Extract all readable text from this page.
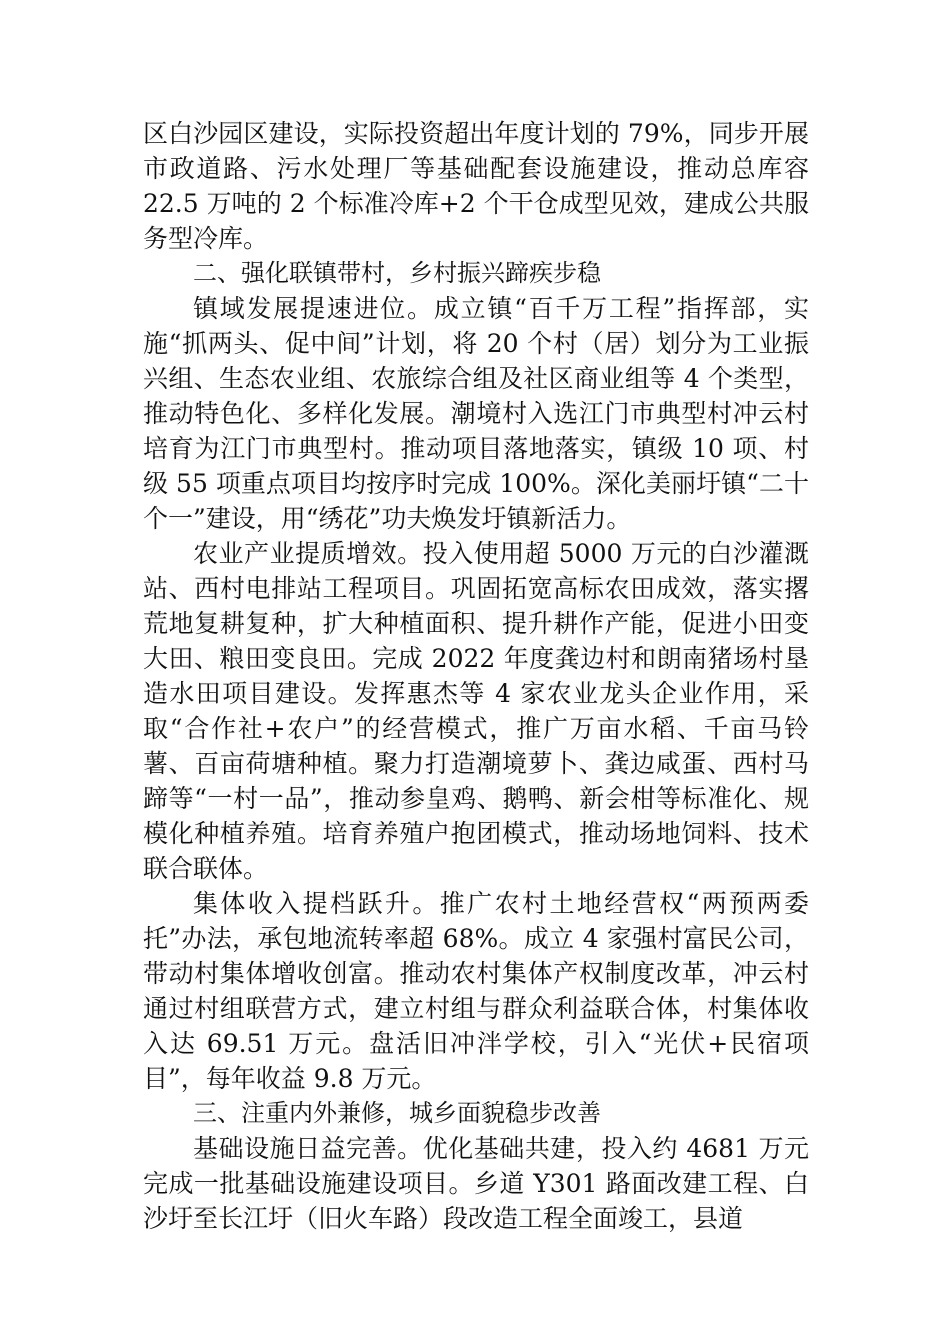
区白沙园区建设，实际投资超出年度计划的 79%，同步开展市政道路、污水处理厂等基础配套设施建设，推动总库容 22.5 万吨的 2 个标准冷库+2 个干仓成型见效，建成公共服务型冷库。

二、强化联镇带村，乡村振兴蹄疾步稳

镇域发展提速进位。成立镇“百千万工程”指挥部，实施“抓两头、促中间”计划，将 20 个村（居）划分为工业振兴组、生态农业组、农旅综合组及社区商业组等 4 个类型，推动特色化、多样化发展。潮境村入选江门市典型村冲云村培育为江门市典型村。推动项目落地落实，镇级 10 项、村级 55 项重点项目均按序时完成 100%。深化美丽圩镇“二十个一”建设，用“绣花”功夫焕发圩镇新活力。

农业产业提质增效。投入使用超 5000 万元的白沙灌溉站、西村电排站工程项目。巩固拓宽高标农田成效，落实撂荒地复耕复种，扩大种植面积、提升耕作产能，促进小田变大田、粮田变良田。完成 2022 年度龚边村和朗南猪场村垦造水田项目建设。发挥惠杰等 4 家农业龙头企业作用，采取“合作社+农户”的经营模式，推广万亩水稻、千亩马铃薯、百亩荷塘种植。聚力打造潮境萝卜、龚边咸蛋、西村马蹄等“一村一品”，推动参皇鸡、鹅鸭、新会柑等标准化、规模化种植养殖。培育养殖户抱团模式，推动场地饲料、技术联合联体。

集体收入提档跃升。推广农村土地经营权“两预两委托”办法，承包地流转率超 68%。成立 4 家强村富民公司，带动村集体增收创富。推动农村集体产权制度改革，冲云村通过村组联营方式，建立村组与群众利益联合体，村集体收入达 69.51 万元。盘活旧冲泮学校，引入“光伏+民宿项目”，每年收益 9.8 万元。

三、注重内外兼修，城乡面貌稳步改善

基础设施日益完善。优化基础共建，投入约 4681 万元完成一批基础设施建设项目。乡道 Y301 路面改建工程、白沙圩至长江圩（旧火车路）段改造工程全面竣工，县道
